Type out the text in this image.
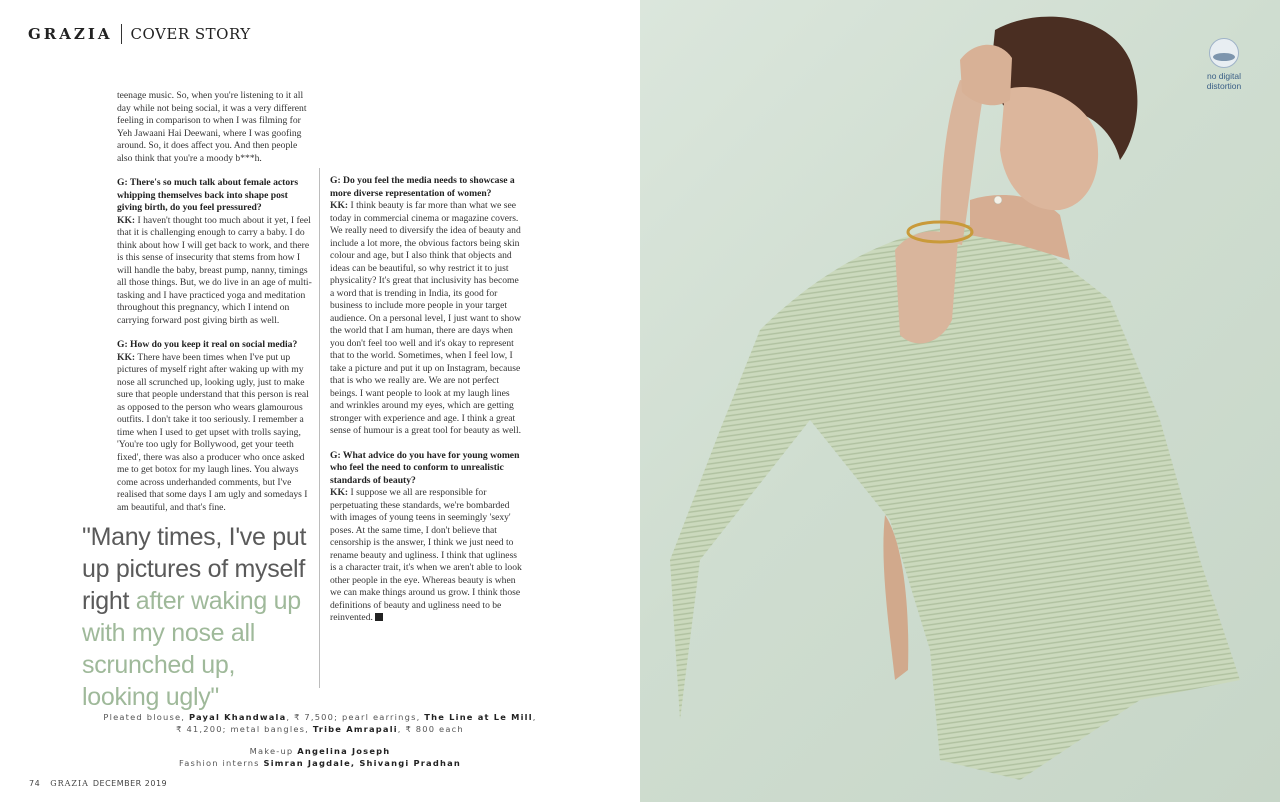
GRAZIA COVER STORY

teenage music. So, when you're listening to it all day while not being social, it was a very different feeling in comparison to when I was filming for Yeh Jawaani Hai Deewani, where I was goofing around. So, it does affect you. And then people also think that you're a moody b***h.

G: There's so much talk about female actors whipping themselves back into shape post giving birth, do you feel pressured?
KK: I haven't thought too much about it yet, I feel that it is challenging enough to carry a baby. I do think about how I will get back to work, and there is this sense of insecurity that stems from how I will handle the baby, breast pump, nanny, timings all those things. But, we do live in an age of multi-tasking and I have practiced yoga and meditation throughout this pregnancy, which I intend on carrying forward post giving birth as well.

G: How do you keep it real on social media?
KK: There have been times when I've put up pictures of myself right after waking up with my nose all scrunched up, looking ugly, just to make sure that people understand that this person is real as opposed to the person who wears glamourous outfits. I don't take it too seriously. I remember a time when I used to get upset with trolls saying, 'You're too ugly for Bollywood, get your teeth fixed', there was also a producer who once asked me to get botox for my laugh lines. You always come across underhanded comments, but I've realised that some days I am ugly and somedays I am beautiful, and that's fine.

G: Do you feel the media needs to showcase a more diverse representation of women?
KK: I think beauty is far more than what we see today in commercial cinema or magazine covers. We really need to diversify the idea of beauty and include a lot more, the obvious factors being skin colour and age, but I also think that objects and ideas can be beautiful, so why restrict it to just physicality? It's great that inclusivity has become a word that is trending in India, its good for business to include more people in your target audience. On a personal level, I just want to show the world that I am human, there are days when you don't feel too well and it's okay to represent that to the world. Sometimes, when I feel low, I take a picture and put it up on Instagram, because that is who we really are. We are not perfect beings. I want people to look at my laugh lines and wrinkles around my eyes, which are getting stronger with experience and age. I think a great sense of humour is a great tool for beauty as well.

G: What advice do you have for young women who feel the need to conform to unrealistic standards of beauty?
KK: I suppose we all are responsible for perpetuating these standards, we're bombarded with images of young teens in seemingly 'sexy' poses. At the same time, I don't believe that censorship is the answer, I think we just need to rename beauty and ugliness. I think that ugliness is a character trait, it's when we aren't able to look other people in the eye. Whereas beauty is when we can make things around us grow. I think those definitions of beauty and ugliness need to be reinvented.

"Many times, I've put up pictures of myself right after waking up with my nose all scrunched up, looking ugly"
Pleated blouse, Payal Khandwala, ₹ 7,500; pearl earrings, The Line at Le Mill,
₹ 41,200; metal bangles, Tribe Amrapali, ₹ 800 each
Make-up Angelina Joseph
Fashion interns Simran Jagdale, Shivangi Pradhan
74 GRAZIA DECEMBER 2019
no digital
distortion
